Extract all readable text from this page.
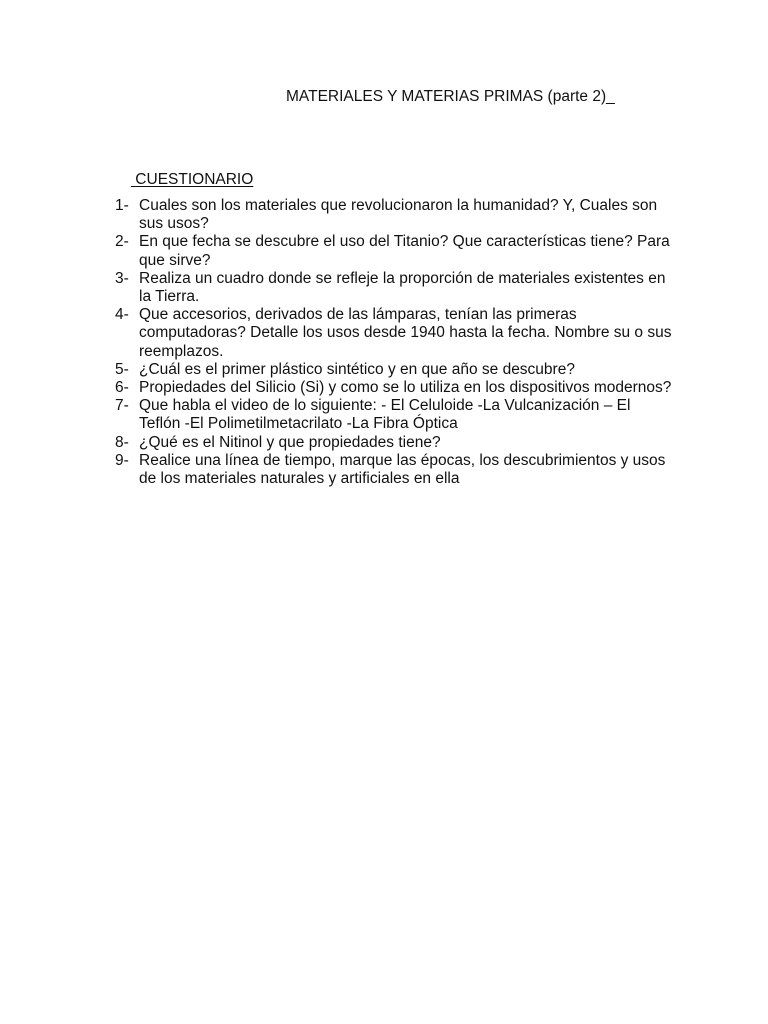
MATERIALES Y MATERIAS PRIMAS (parte 2)_
CUESTIONARIO
1- Cuales son los materiales que revolucionaron la humanidad? Y, Cuales son
sus usos?
2- En que fecha se descubre el uso del Titanio? Que características tiene? Para
que sirve?
3- Realiza un cuadro donde se refleje la proporción de materiales existentes en
la Tierra.
4- Que accesorios, derivados de las lámparas, tenían las primeras
computadoras? Detalle los usos desde 1940 hasta la fecha. Nombre su o sus
reemplazos.
5- ¿Cuál es el primer plástico sintético y en que año se descubre?
6- Propiedades del Silicio (Si) y como se lo utiliza en los dispositivos modernos?
7- Que habla el video de lo siguiente: - El Celuloide -La Vulcanización – El
Teflón -El Polimetilmetacrilato -La Fibra Óptica
8- ¿Qué es el Nitinol y que propiedades tiene?
9- Realice una línea de tiempo, marque las épocas, los descubrimientos y usos
de los materiales naturales y artificiales en ella
